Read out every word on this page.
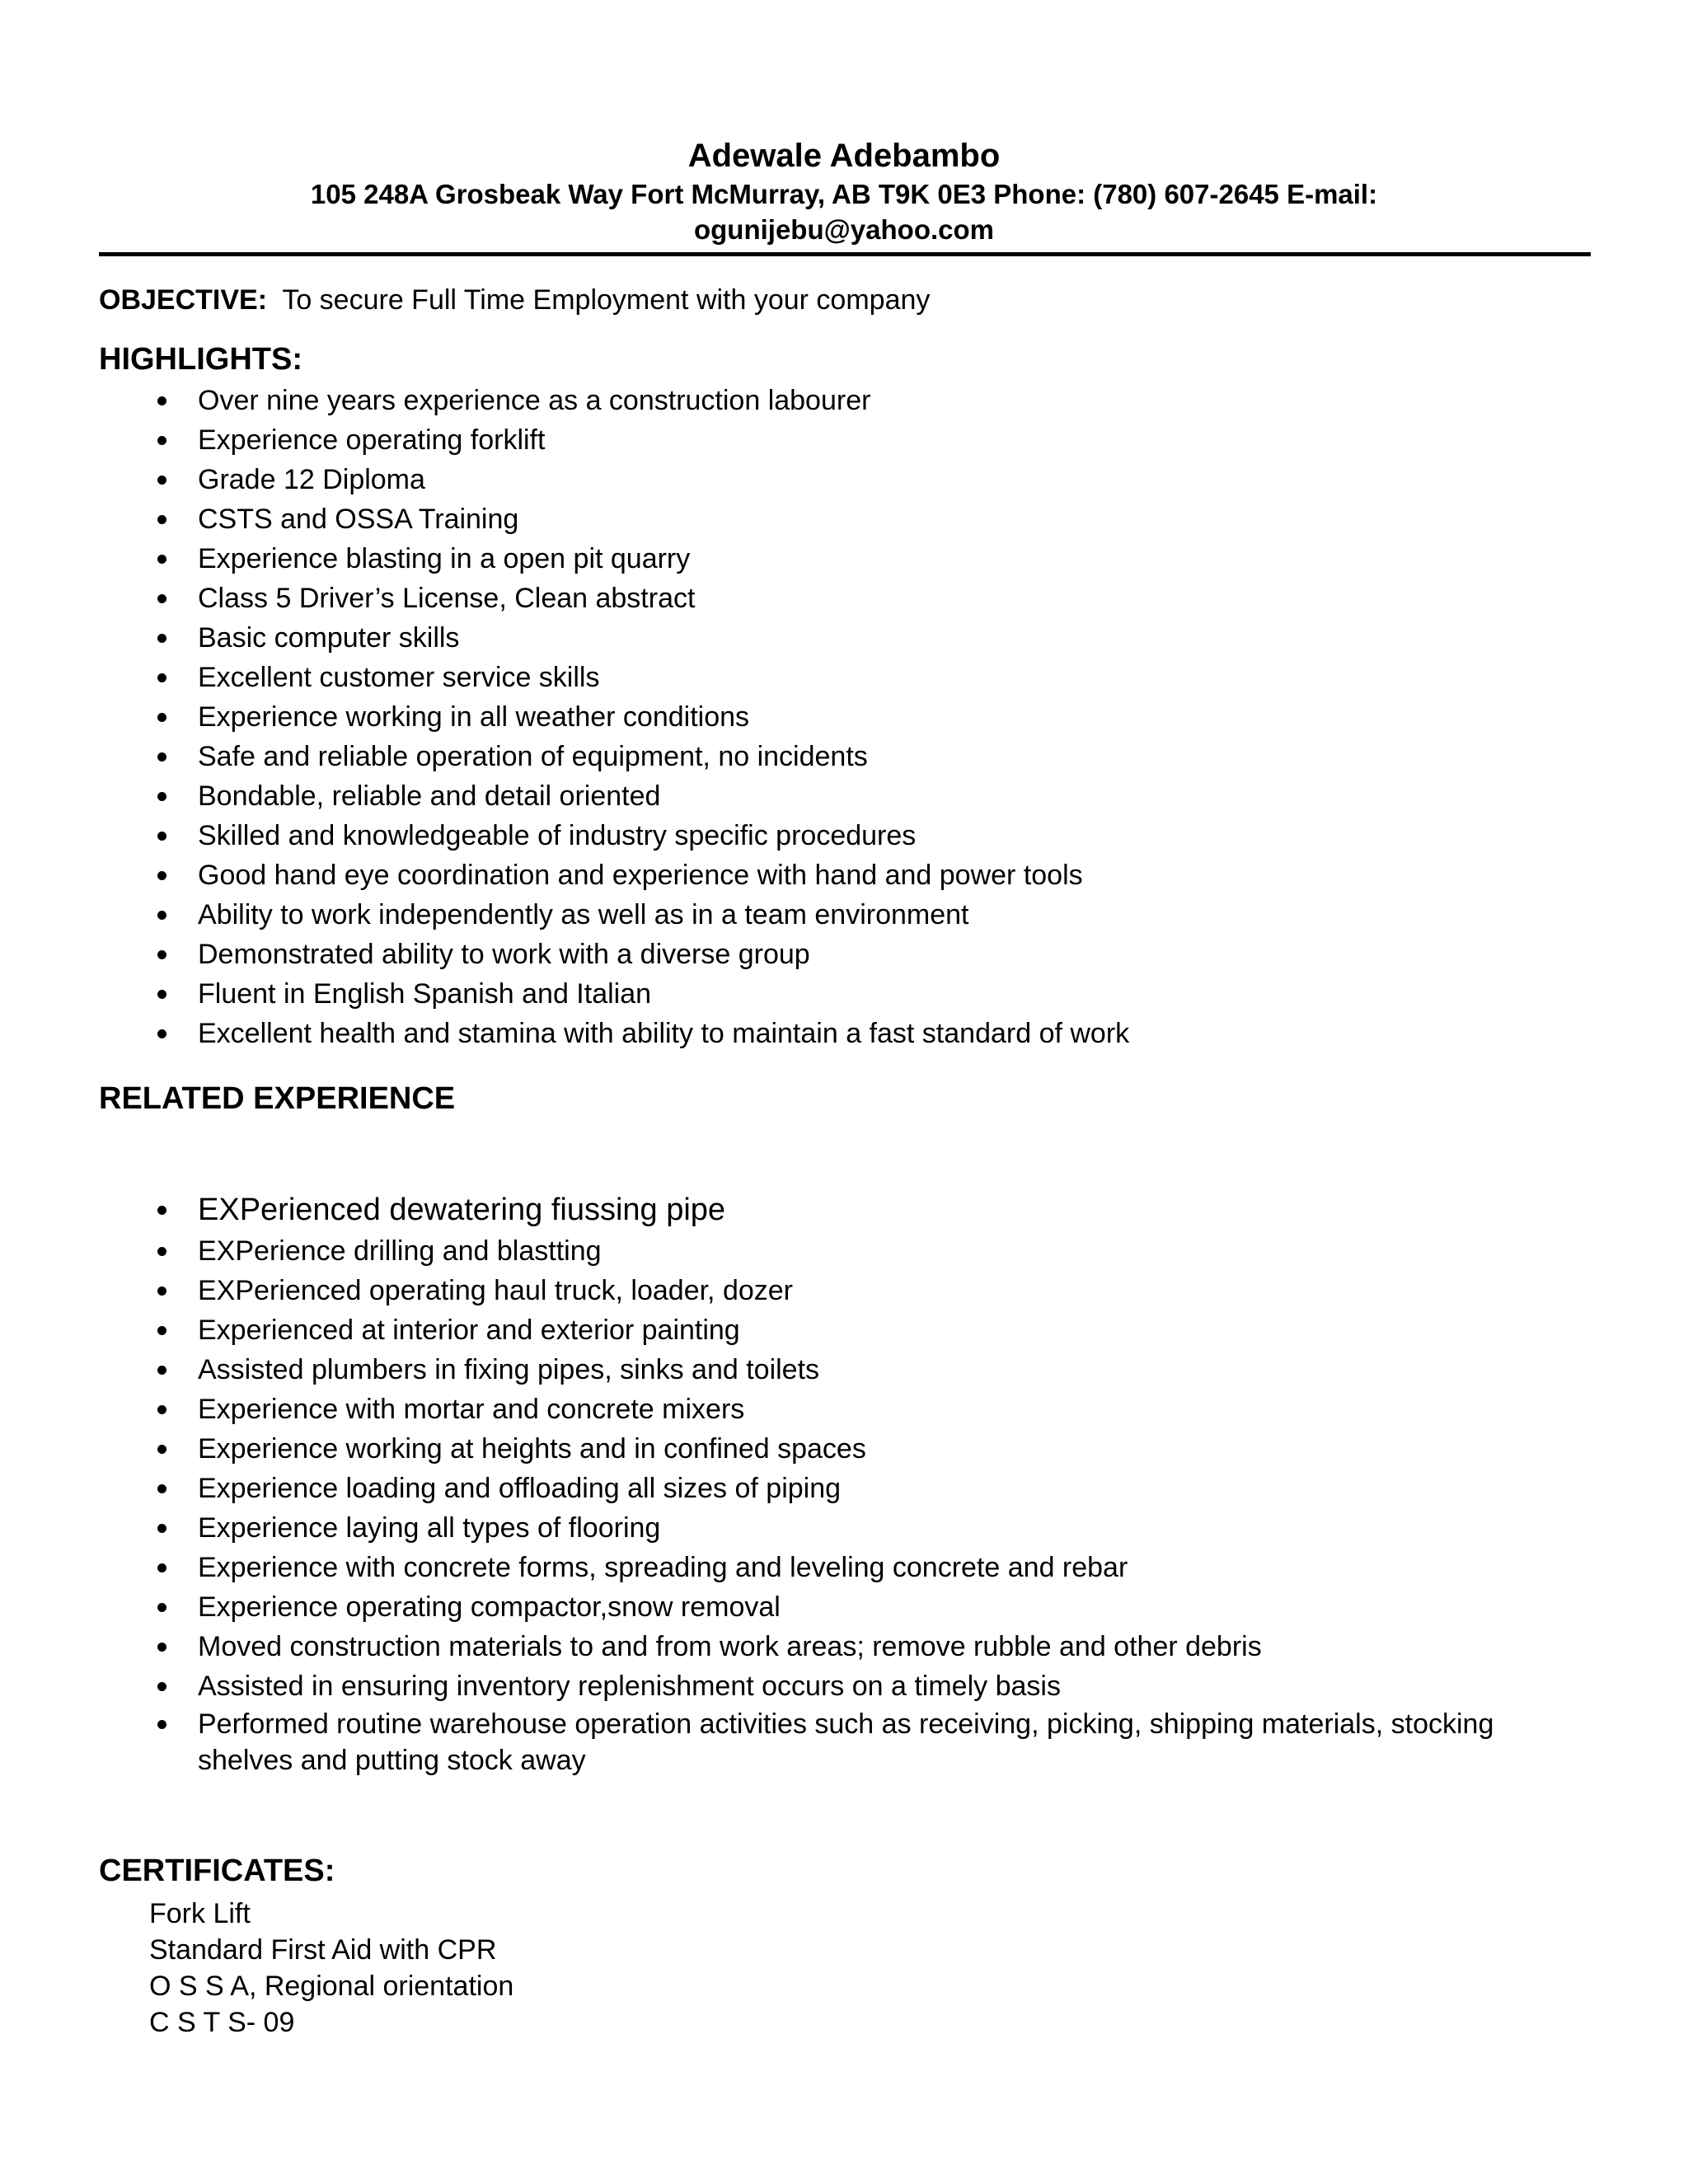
Adewale Adebambo
105 248A Grosbeak Way Fort McMurray, AB T9K 0E3 Phone: (780) 607-2645 E-mail:
ogunijebu@yahoo.com
OBJECTIVE: To secure Full Time Employment with your company
HIGHLIGHTS:
Over nine years experience as a construction labourer
Experience operating forklift
Grade 12 Diploma
CSTS and OSSA Training
Experience blasting in a open pit quarry
Class 5 Driver’s License, Clean abstract
Basic computer skills
Excellent customer service skills
Experience working in all weather conditions
Safe and reliable operation of equipment, no incidents
Bondable, reliable and detail oriented
Skilled and knowledgeable of industry specific procedures
Good hand eye coordination and experience with hand and power tools
Ability to work independently as well as in a team environment
Demonstrated ability to work with a diverse group
Fluent in English Spanish and Italian
Excellent health and stamina with ability to maintain a fast standard of work
RELATED EXPERIENCE
EXPerienced dewatering fiussing pipe
EXPerience drilling and blastting
EXPerienced operating haul truck, loader, dozer
Experienced at interior and exterior painting
Assisted plumbers in fixing pipes, sinks and toilets
Experience with mortar and concrete mixers
Experience working at heights and in confined spaces
Experience loading and offloading all sizes of piping
Experience laying all types of flooring
Experience with concrete forms, spreading and leveling concrete and rebar
Experience operating compactor,snow removal
Moved construction materials to and from work areas; remove rubble and other debris
Assisted in ensuring inventory replenishment occurs on a timely basis
Performed routine warehouse operation activities such as receiving, picking, shipping materials, stocking shelves and putting stock away
CERTIFICATES:
Fork Lift
Standard First Aid with CPR
O S S A, Regional orientation
C S T S- 09
